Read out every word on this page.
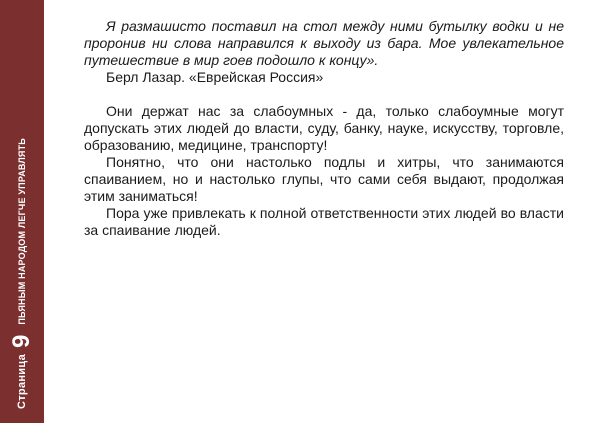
Страница
9
ПЬЯНЫМ НАРОДОМ ЛЕГЧЕ УПРАВЛЯТЬ

Я размашисто поставил на стол между ними бутылку водки и не проронив ни слова направился к выходу из бара. Мое увлекательное путешествие в мир гоев подошло к концу».

Берл Лазар. «Еврейская Россия»

Они держат нас за слабоумных - да, только слабоумные могут допускать этих людей до власти, суду, банку, науке, искусству, торговле, образованию, медицине, транспорту!

Понятно, что они настолько подлы и хитры, что занимаются спаиванием, но и настолько глупы, что сами себя выдают, продолжая этим заниматься!

Пора уже привлекать к полной ответственности этих людей во власти за спаивание людей.
